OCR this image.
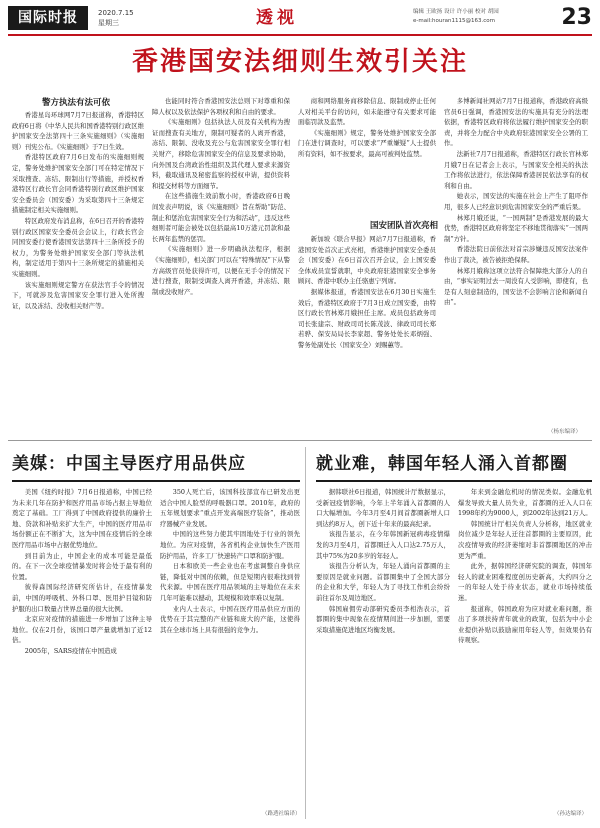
国际时报	2020.7.15
星期三	透视	编辑 王欧扬 设计 许小丽 校对 胡园
e-mail:houran1115@163.com	23
香港国安法细则生效引关注
警方执法有法可依

香港星岛环球网7月7日报道称，香港特区政府6日将《中华人民共和国香港特别行政区维护国家安全法第四十三条实施细则》（实施细则）刊宪公布。《实施细则》于7日生效。

香港特区政府7月6日发布的实施细则规定，警务处维护国家安全部门可在特定情况下采取搜查、冻结、限制出行等措施，并授权香港特区行政长官会同香港特别行政区维护国家安全委员会（国安委）为采取第四十三条规定措施制定相关实施细则。

特区政府发布消息称，在6日召开的香港特别行政区国家安全委员会会议上，行政长官会同国安委行使香港国安法第四十三条所授予的权力，为警务处维护国家安全部门等执法机构，制定适用于第四十三条所规定的措施相关实施细则。

该实施细则规定警方在获法官手令的情况下，可就涉及危害国家安全罪行进入处所搜证，以及冻结、没收相关财产等。

也能同时符合香港国安法总则下对尊重和保障人权以及依法保护各项权利和自由的要求。

《实施细则》包括执法人员及有关机构为搜证而搜查有关地方，限制可疑者的人离开香港，冻结、限制、没收及充公与危害国家安全罪行相关财产，移除危害国家安全的信息及要求协助，向外国及台湾政治性组织及其代理人要求来源资料，截取通讯及秘密监察的授权申请，提供资料和提交材料等方面细节。

在这些措施生效前数小时，香港政府6日晚间发表声明说，该《实施细则》旨在帮助“防范、制止和惩治危害国家安全行为和活动”，违反这些细则者可能会被处以包括最高10万港元罚款和最长两年监禁的惩罚。

《实施细则》进一步明确执法程序，根据《实施细则》，相关部门可以在“特殊情况”下从警方高级官员处获得许可，以便在无手令的情况下进行搜查，限制受调查人离开香港，并冻结、限制或没收财产。

商和网络服务商移除信息、限制或停止任何人对相关平台的访问，如未能遵守有关要求可能面临罚款及监禁。

《实施细则》规定，警务处维护国家安全部门在进行调查时，可以要求“严重嫌疑”人士提供所有资料，如不按要求，最高可被判处监禁。

国安团队首次亮相

新加坡《联合早报》网站7月7日报道称，香港国安处首次正式亮相，香港维护国家安全委员会（国安委）在6日首次召开会议，会上国安委全体成员宣誓就职，中央政府驻港国家安全事务顾问、香港中联办主任骆惠宁列席。

据媒体报道，香港国安法在6月30日实施生效后，香港特区政府于7月3日成立国安委，由特区行政长官林郑月娥担任主席。成员包括政务司司长张建宗、财政司司长陈茂波、律政司司长郑若骅、保安局局长李家超、警务处处长邓炳强、警务处副处长（国家安全）刘赐蕙等。

多博新闻社网站7月7日报道称，香港政府高级官员6日强调，香港国安法的实施具有充分的法理依据，香港特区政府将依法履行维护国家安全的职责，并将全力配合中央政府驻港国家安全公署的工作。

法新社7月7日报道称，香港特区行政长官林郑月娥7日在记者会上表示，与国家安全相关的执法工作将依法进行，依法保障香港居民依法享有的权利和自由。

她表示，国安法的实施在社会上产生了阻吓作用，很多人已经意识到危害国家安全的严重后果。

林郑月娥还说，“一国两制”是香港发展的最大优势，香港特区政府将坚定不移地贯彻落实“一国两制”方针。

香港法院日前依法对首宗涉嫌违反国安法案件作出了裁决，被告被拒绝保释。

林郑月娥称这项立法符合保障绝大部分人的自由，“事实证明过去一周没有人受影响，即使有，也是有人刻意制造的，国安法不会影响言论和新闻自由”。

（杨东编译）
美媒：中国主导医疗用品供应

美国《纽约时报》7月6日报道称，中国已经为未来几年在防护和医疗用品市场占据主导地位奠定了基础。工厂得到了中国政府提供的廉价土地、贷款和补贴来扩大生产，中国的医疗用品市场份额正在不断扩大，这为中国在疫情后的全球医疗用品市场中占据优势地位。

到目前为止，中国企业的成本可能是最低的。在下一次全球疫情暴发时将会处于最有利的位置。

彼得森国际经济研究所估计，在疫情暴发前，中国的呼吸机、外科口罩、医用护目镜和防护服的出口数量占世界总量的很大比例。

北京应对疫情的措施进一步增加了这种主导地位。仅在2月份，该国口罩产量就增加了近12倍。

2005年，SARS疫情在中国造成

350人死亡后，该国科技部宣布已研发出更适合中国人脸型的呼吸器口罩。2010年，政府的五年规划要求“重点开发高端医疗装备”，推动医疗器械产业发展。

中国的这些努力使其牢固地处于行业的领先地位。为应对疫情，各省机构企业加快生产医用防护用品，许多工厂快速转产口罩和防护服。

日本和欧美一些企业也在考虑调整自身供应链，降低对中国的依赖，但是短期内很难找到替代来源。中国在医疗用品领域的主导地位在未来几年可能难以撼动，其规模和效率难以复制。

业内人士表示，中国在医疗用品供应方面的优势在于其完整的产业链和庞大的产能，这使得其在全球市场上具有很强的竞争力。

（路透社编译）
就业难，韩国年轻人涌入首都圈

据韩联社6日报道，韩国统计厅数据显示，受新冠疫情影响，今年上半年涌入首都圈的人口大幅增加。今年3月至4月间首都圈新增人口到达约8万人，创下近十年来的最高纪录。

该报告显示，在今年韩国新冠病毒疫情爆发的3月至4月，首都圈迁入人口达2.75万人，其中75%为20多岁的年轻人。

该报告分析认为，年轻人涌向首都圈的主要原因是就业问题。首都圈集中了全国大部分的企业和大学，年轻人为了寻找工作机会纷纷前往首尔及周边地区。

韩国雇佣劳动部研究委员李相浩表示，首都圈的集中现象在疫情期间进一步加剧，需要采取措施促进地区均衡发展。

年来到金融危机时的情况类似。金融危机爆发导致大量人员失业，首都圈的迁入人口在1998年约为9000人，到2002年达到21万人。

韩国统计厅相关负责人分析称，地区就业岗位减少是年轻人迁往首都圈的主要原因，此次疫情导致的经济萎缩对非首都圈地区的冲击更为严重。

此外，据韩国经济研究院的调查，韩国年轻人的就业困难程度创历史新高，大约四分之一的年轻人处于待业状态，就业市场持续低迷。

报道称，韩国政府为应对就业难问题，推出了多项扶持青年就业的政策，包括为中小企业提供补贴以鼓励雇用年轻人等，但效果仍有待观察。

（孙达编译）
